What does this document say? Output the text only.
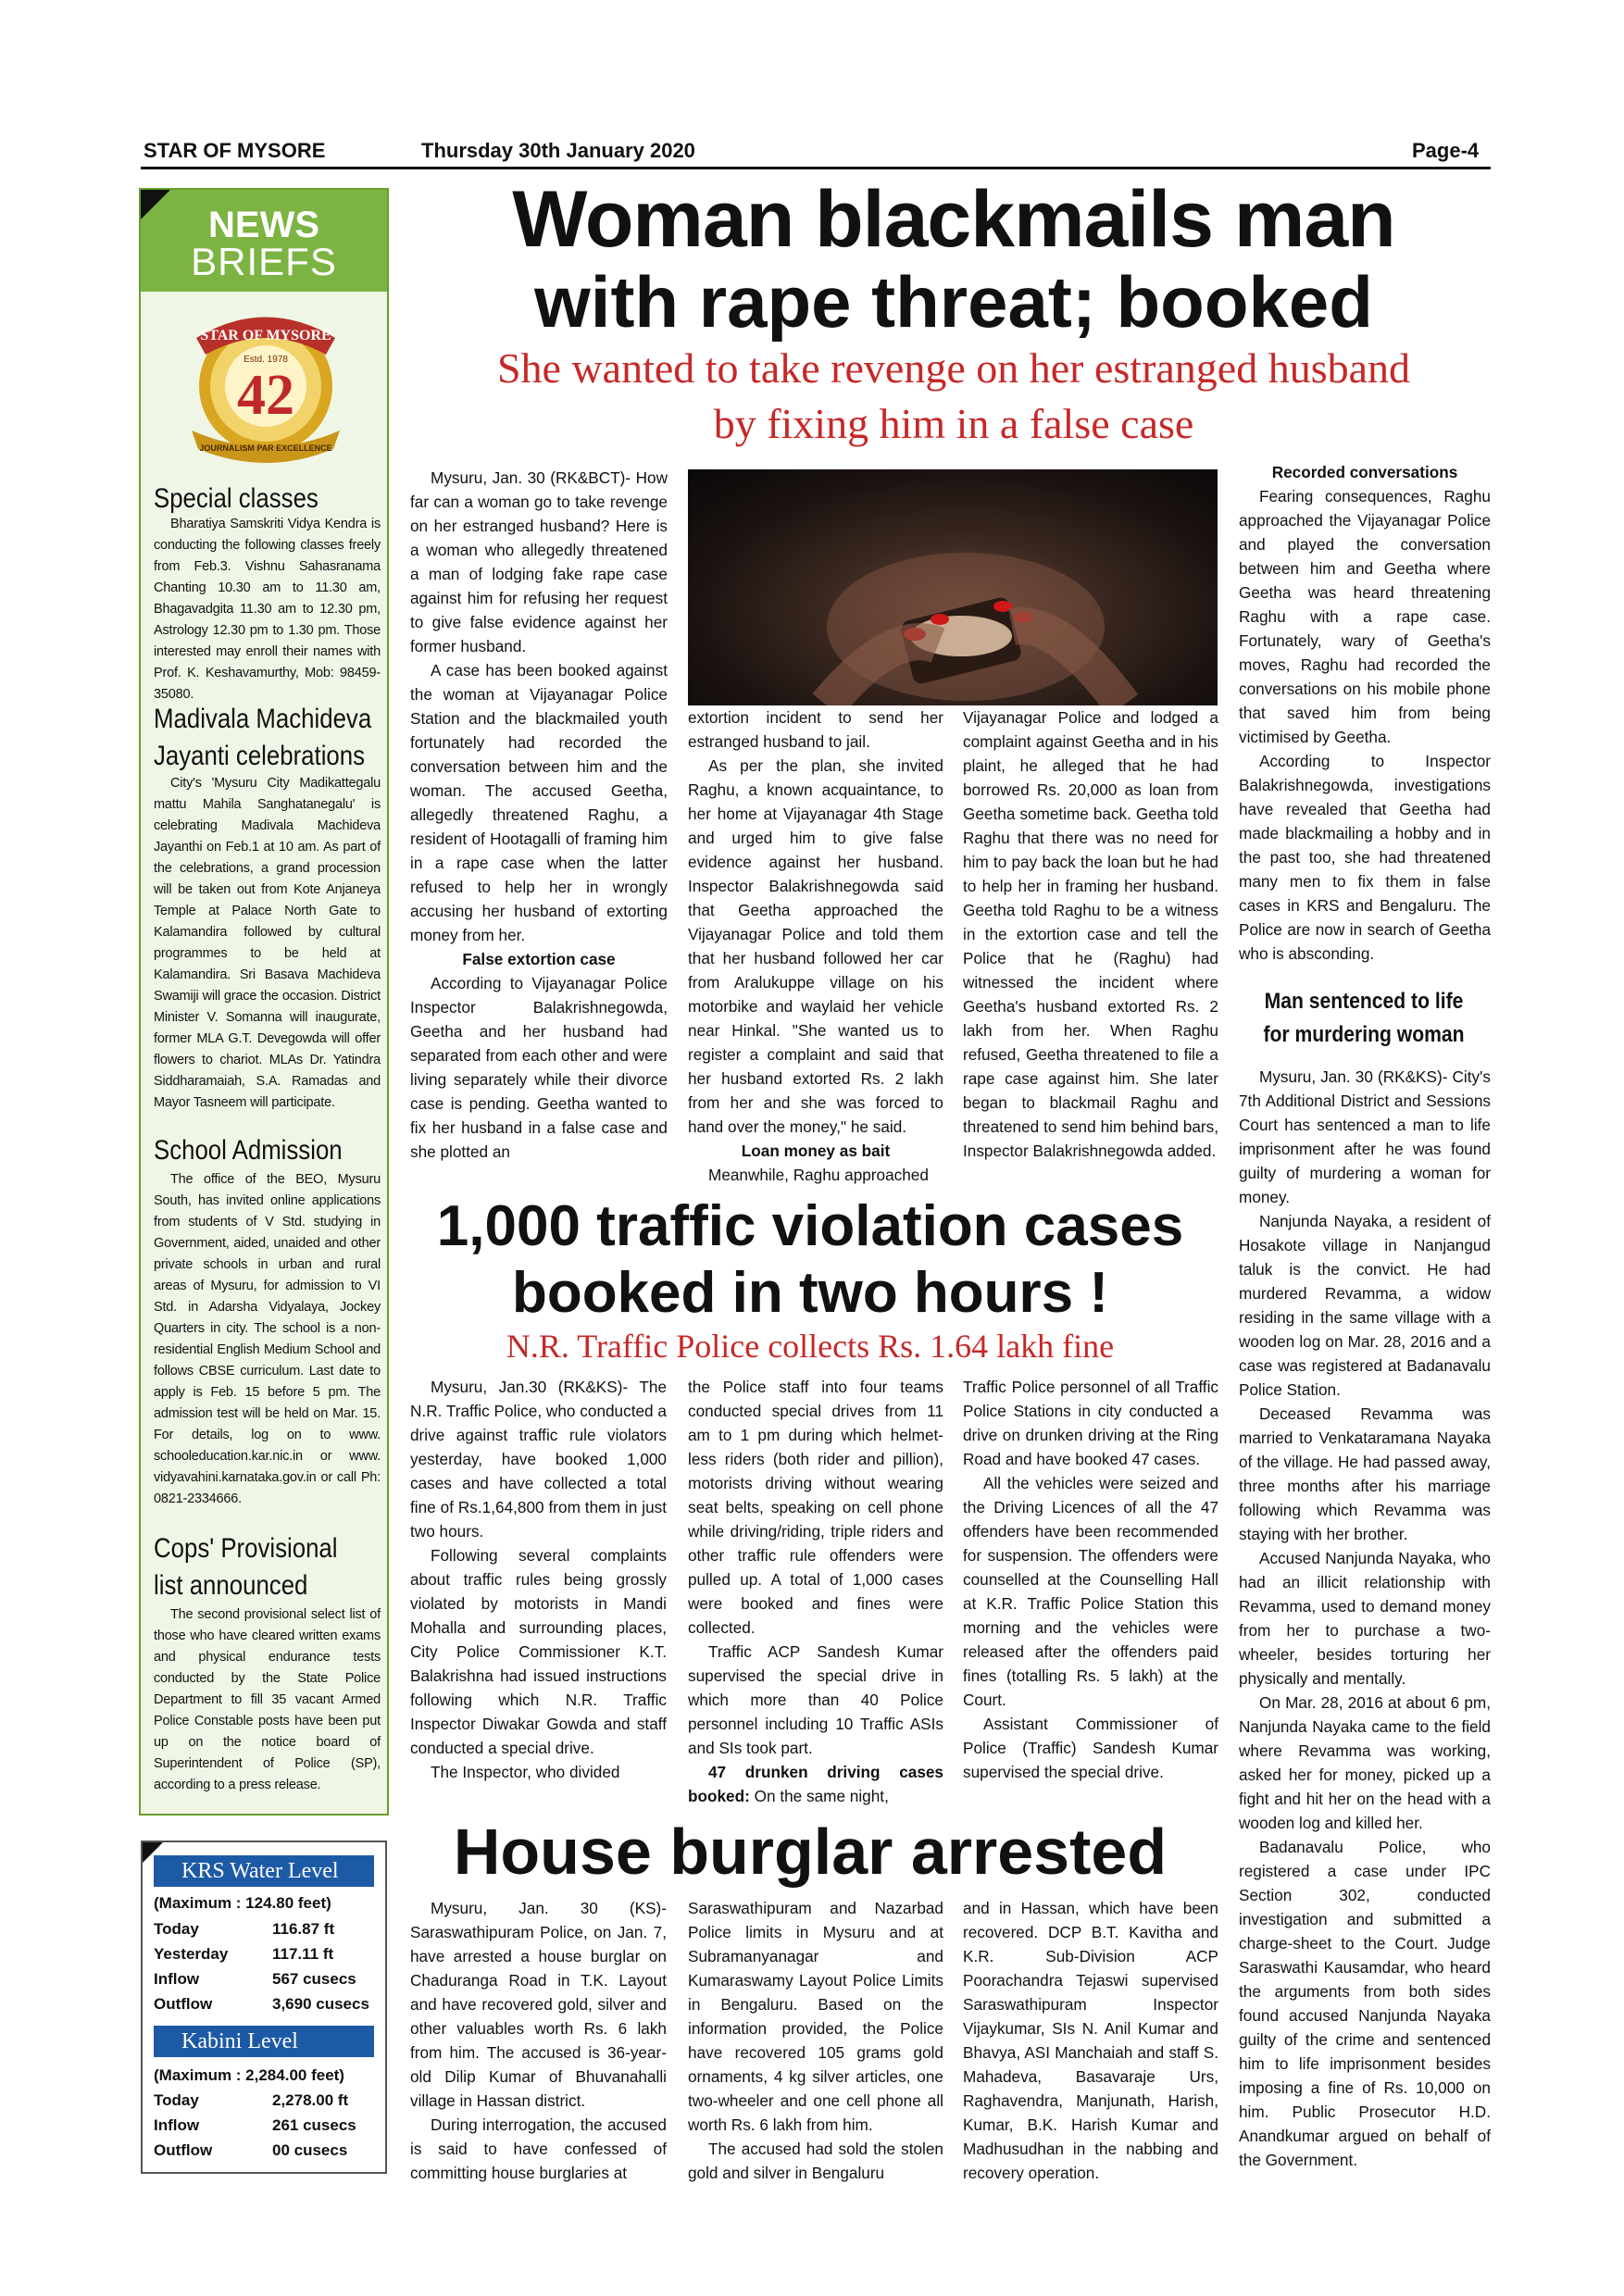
STAR OF MYSORE	Thursday 30th January 2020	Page-4
NEWS
BRIEFS
STAR OF MYSORE
Estd. 1978
42
JOURNALISM PAR EXCELLENCE
Special classes
Bharatiya Samskriti Vidya Kendra is conducting the following classes freely from Feb.3. Vishnu Sahasranama Chanting 10.30 am to 11.30 am, Bhagavadgita 11.30 am to 12.30 pm, Astrology 12.30 pm to 1.30 pm. Those interested may enroll their names with Prof. K. Keshavamurthy, Mob: 98459-35080.
Madivala Machideva
Jayanti celebrations
City's 'Mysuru City Madikattegalu mattu Mahila Sanghatanegalu' is celebrating Madivala Machideva Jayanthi on Feb.1 at 10 am. As part of the celebrations, a grand procession will be taken out from Kote Anjaneya Temple at Palace North Gate to Kalamandira followed by cultural programmes to be held at Kalamandira. Sri Basava Machideva Swamiji will grace the occasion. District Minister V. Somanna will inaugurate, former MLA G.T. Devegowda will offer flowers to chariot. MLAs Dr. Yatindra Siddharamaiah, S.A. Ramadas and Mayor Tasneem will participate.
School Admission
The office of the BEO, Mysuru South, has invited online applications from students of V Std. studying in Government, aided, unaided and other private schools in urban and rural areas of Mysuru, for admission to VI Std. in Adarsha Vidyalaya, Jockey Quarters in city. The school is a non-residential English Medium School and follows CBSE curriculum. Last date to apply is Feb. 15 before 5 pm. The admission test will be held on Mar. 15. For details, log on to www. schooleducation.kar.nic.in or www. vidyavahini.karnataka.gov.in or call Ph: 0821-2334666.
Cops' Provisional
list announced
The second provisional select list of those who have cleared written exams and physical endurance tests conducted by the State Police Department to fill 35 vacant Armed Police Constable posts have been put up on the notice board of Superintendent of Police (SP), according to a press release.
KRS Water Level
(Maximum : 124.80 feet)
Today	116.87 ft
Yesterday	117.11 ft
Inflow	567 cusecs
Outflow	3,690 cusecs
Kabini Level
(Maximum : 2,284.00 feet)
Today	2,278.00 ft
Inflow	261 cusecs
Outflow	00 cusecs
Woman blackmails man
with rape threat; booked
She wanted to take revenge on her estranged husband
by fixing him in a false case

Mysuru, Jan. 30 (RK&BCT)- How far can a woman go to take revenge on her estranged husband? Here is a woman who allegedly threatened a man of lodging fake rape case against him for refusing her request to give false evidence against her former husband.

A case has been booked against the woman at Vijayanagar Police Station and the blackmailed youth fortunately had recorded the conversation between him and the woman. The accused Geetha, allegedly threatened Raghu, a resident of Hootagalli of framing him in a rape case when the latter refused to help her in wrongly accusing her husband of extorting money from her.

False extortion case

According to Vijayanagar Police Inspector Balakrishnegowda, Geetha and her husband had separated from each other and were living separately while their divorce case is pending. Geetha wanted to fix her husband in a false case and she plotted an

extortion incident to send her estranged husband to jail.

As per the plan, she invited Raghu, a known acquaintance, to her home at Vijayanagar 4th Stage and urged him to give false evidence against her husband. Inspector Balakrishnegowda said that Geetha approached the Vijayanagar Police and told them that her husband followed her car from Aralukuppe village on his motorbike and waylaid her vehicle near Hinkal. "She wanted us to register a complaint and said that her husband extorted Rs. 2 lakh from her and she was forced to hand over the money," he said.

Loan money as bait

Meanwhile, Raghu approached

Vijayanagar Police and lodged a complaint against Geetha and in his plaint, he alleged that he had borrowed Rs. 20,000 as loan from Geetha sometime back. Geetha told Raghu that there was no need for him to pay back the loan but he had to help her in framing her husband. Geetha told Raghu to be a witness in the extortion case and tell the Police that he (Raghu) had witnessed the incident where Geetha's husband extorted Rs. 2 lakh from her. When Raghu refused, Geetha threatened to file a rape case against him. She later began to blackmail Raghu and threatened to send him behind bars, Inspector Balakrishnegowda added.

Recorded conversations

Fearing consequences, Raghu approached the Vijayanagar Police and played the conversation between him and Geetha where Geetha was heard threatening Raghu with a rape case. Fortunately, wary of Geetha's moves, Raghu had recorded the conversations on his mobile phone that saved him from being victimised by Geetha.

According to Inspector Balakrishnegowda, investigations have revealed that Geetha had made blackmailing a hobby and in the past too, she had threatened many men to fix them in false cases in KRS and Bengaluru. The Police are now in search of Geetha who is absconding.

Man sentenced to life
for murdering woman

Mysuru, Jan. 30 (RK&KS)- City's 7th Additional District and Sessions Court has sentenced a man to life imprisonment after he was found guilty of murdering a woman for money.

Nanjunda Nayaka, a resident of Hosakote village in Nanjangud taluk is the convict. He had murdered Revamma, a widow residing in the same village with a wooden log on Mar. 28, 2016 and a case was registered at Badanavalu Police Station.

Deceased Revamma was married to Venkataramana Nayaka of the village. He had passed away, three months after his marriage following which Revamma was staying with her brother.

Accused Nanjunda Nayaka, who had an illicit relationship with Revamma, used to demand money from her to purchase a two-wheeler, besides torturing her physically and mentally.

On Mar. 28, 2016 at about 6 pm, Nanjunda Nayaka came to the field where Revamma was working, asked her for money, picked up a fight and hit her on the head with a wooden log and killed her.

Badanavalu Police, who registered a case under IPC Section 302, conducted investigation and submitted a charge-sheet to the Court. Judge Saraswathi Kausamdar, who heard the arguments from both sides found accused Nanjunda Nayaka guilty of the crime and sentenced him to life imprisonment besides imposing a fine of Rs. 10,000 on him. Public Prosecutor H.D. Anandkumar argued on behalf of the Government.

1,000 traffic violation cases
booked in two hours !
N.R. Traffic Police collects Rs. 1.64 lakh fine

Mysuru, Jan.30 (RK&KS)- The N.R. Traffic Police, who conducted a drive against traffic rule violators yesterday, have booked 1,000 cases and have collected a total fine of Rs.1,64,800 from them in just two hours.

Following several complaints about traffic rules being grossly violated by motorists in Mandi Mohalla and surrounding places, City Police Commissioner K.T. Balakrishna had issued instructions following which N.R. Traffic Inspector Diwakar Gowda and staff conducted a special drive.

The Inspector, who divided

the Police staff into four teams conducted special drives from 11 am to 1 pm during which helmet-less riders (both rider and pillion), motorists driving without wearing seat belts, speaking on cell phone while driving/riding, triple riders and other traffic rule offenders were pulled up. A total of 1,000 cases were booked and fines were collected.

Traffic ACP Sandesh Kumar supervised the special drive in which more than 40 Police personnel including 10 Traffic ASIs and SIs took part.

47 drunken driving cases booked: On the same night,

Traffic Police personnel of all Traffic Police Stations in city conducted a drive on drunken driving at the Ring Road and have booked 47 cases.

All the vehicles were seized and the Driving Licences of all the 47 offenders have been recommended for suspension. The offenders were counselled at the Counselling Hall at K.R. Traffic Police Station this morning and the vehicles were released after the offenders paid fines (totalling Rs. 5 lakh) at the Court.

Assistant Commissioner of Police (Traffic) Sandesh Kumar supervised the special drive.

House burglar arrested

Mysuru, Jan. 30 (KS)- Saraswathipuram Police, on Jan. 7, have arrested a house burglar on Chaduranga Road in T.K. Layout and have recovered gold, silver and other valuables worth Rs. 6 lakh from him. The accused is 36-year-old Dilip Kumar of Bhuvanahalli village in Hassan district.

During interrogation, the accused is said to have confessed of committing house burglaries at

Saraswathipuram and Nazarbad Police limits in Mysuru and at Subramanyanagar and Kumaraswamy Layout Police Limits in Bengaluru. Based on the information provided, the Police have recovered 105 grams gold ornaments, 4 kg silver articles, one two-wheeler and one cell phone all worth Rs. 6 lakh from him.

The accused had sold the stolen gold and silver in Bengaluru

and in Hassan, which have been recovered. DCP B.T. Kavitha and K.R. Sub-Division ACP Poorachandra Tejaswi supervised Saraswathipuram Inspector Vijaykumar, SIs N. Anil Kumar and Bhavya, ASI Manchaiah and staff S. Mahadeva, Basavaraje Urs, Raghavendra, Manjunath, Harish, Kumar, B.K. Harish Kumar and Madhusudhan in the nabbing and recovery operation.
